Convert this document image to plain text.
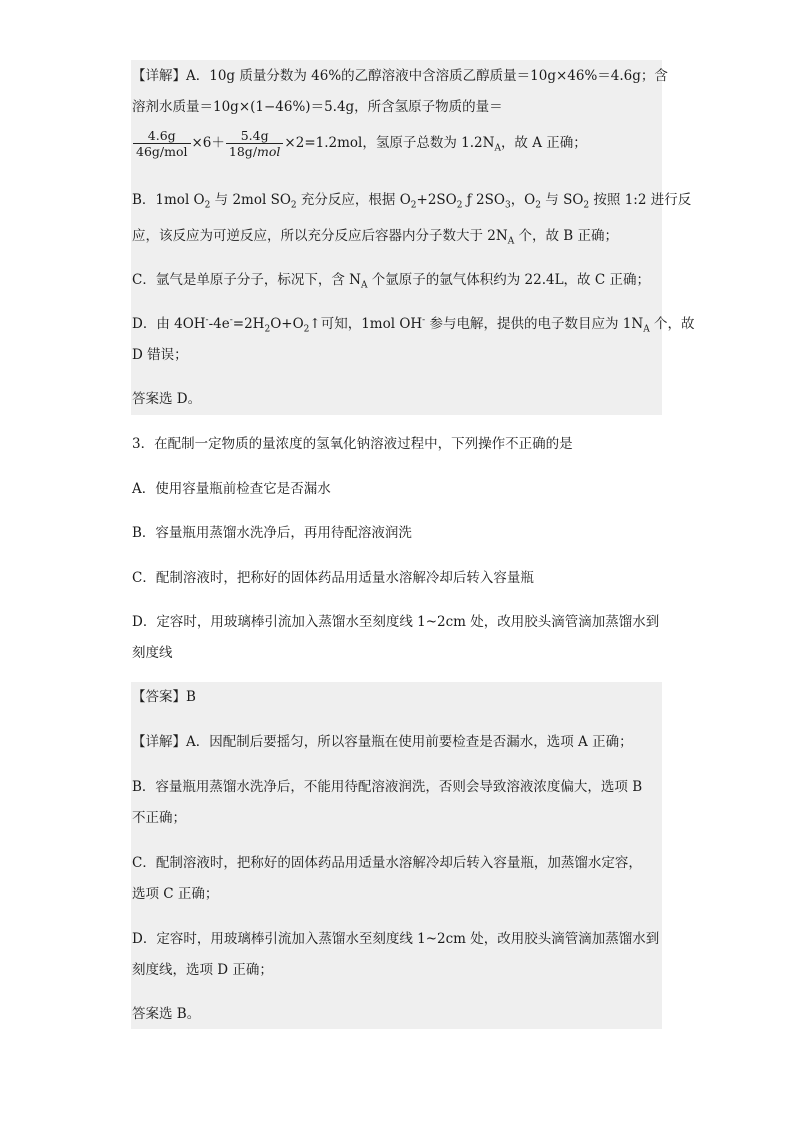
【详解】A．10g 质量分数为 46%的乙醇溶液中含溶质乙醇质量＝10g×46%＝4.6g；含
溶剂水质量＝10g×(1−46%)＝5.4g，所含氢原子物质的量＝
$\frac{4.6g}{\text{46g/mol}} \times 6+ \frac{5.4g}{\text{18g/mol}} \times 2=1.2mol$，氢原子总数为 $1.2N_A$，故 A 正确；
B．1mol $O_2$ 与 2mol $SO_2$ 充分反应，根据 $O_2+2SO_2$ ƒ $2SO_3$，$O_2$ 与 $SO_2$ 按照 1:2 进行反
应，该反应为可逆反应，所以充分反应后容器内分子数大于 $2N_A$ 个，故 B 正确；
C．氩气是单原子分子，标况下，含 $N_A$ 个氩原子的氩气体积约为 22.4L，故 C 正确；
D．由 $4OH^--4e^-=2H_2O+O_2↑$可知，1mol OH- 参与电解，提供的电子数目应为 $1N_A$ 个，故
D 错误；
答案选 D。
3．在配制一定物质的量浓度的氢氧化钠溶液过程中，下列操作不正确的是
A．使用容量瓶前检查它是否漏水
B．容量瓶用蒸馏水洗净后，再用待配溶液润洗
C．配制溶液时，把称好的固体药品用适量水溶解冷却后转入容量瓶
D．定容时，用玻璃棒引流加入蒸馏水至刻度线 1~2cm 处，改用胶头滴管滴加蒸馏水到
刻度线
【答案】B
【详解】A．因配制后要摇匀，所以容量瓶在使用前要检查是否漏水，选项 A 正确；
B．容量瓶用蒸馏水洗净后，不能用待配溶液润洗，否则会导致溶液浓度偏大，选项 B
不正确；
C．配制溶液时，把称好的固体药品用适量水溶解冷却后转入容量瓶，加蒸馏水定容，
选项 C 正确；
D．定容时，用玻璃棒引流加入蒸馏水至刻度线 1~2cm 处，改用胶头滴管滴加蒸馏水到
刻度线，选项 D 正确；
答案选 B。
